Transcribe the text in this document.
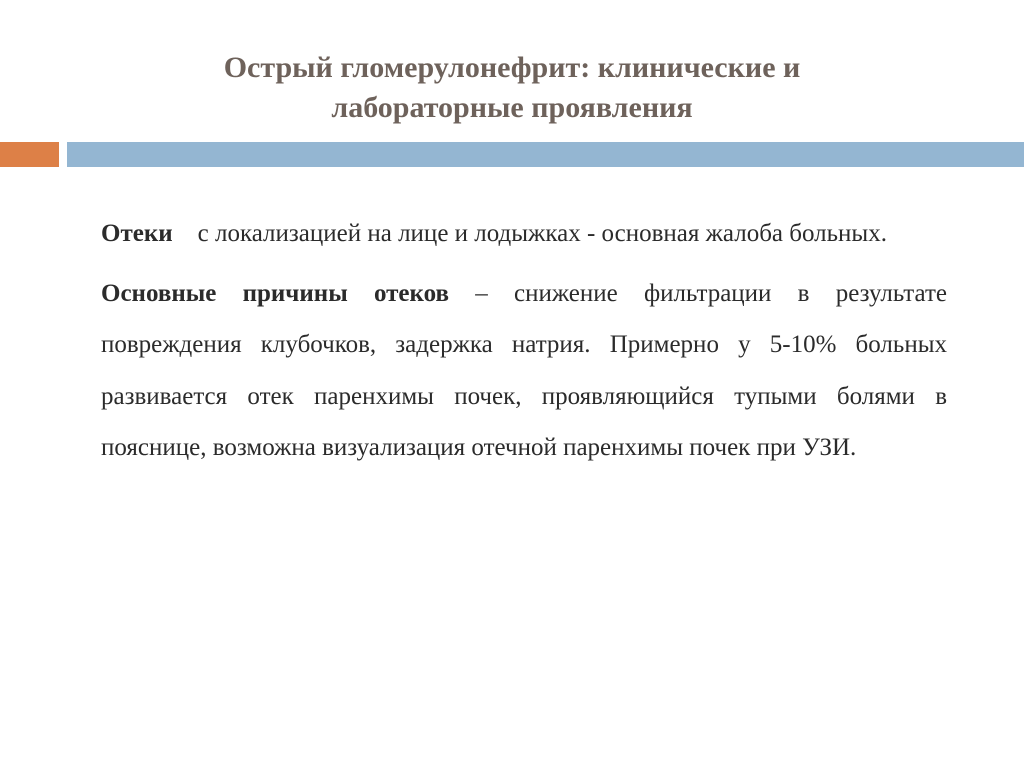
Острый гломерулонефрит: клинические и лабораторные проявления

Отеки с локализацией на лице и лодыжках - основная жалоба больных.

Основные причины отеков – снижение фильтрации в результате повреждения клубочков, задержка натрия. Примерно у 5-10% больных развивается отек паренхимы почек, проявляющийся тупыми болями в пояснице, возможна визуализация отечной паренхимы почек при УЗИ.
